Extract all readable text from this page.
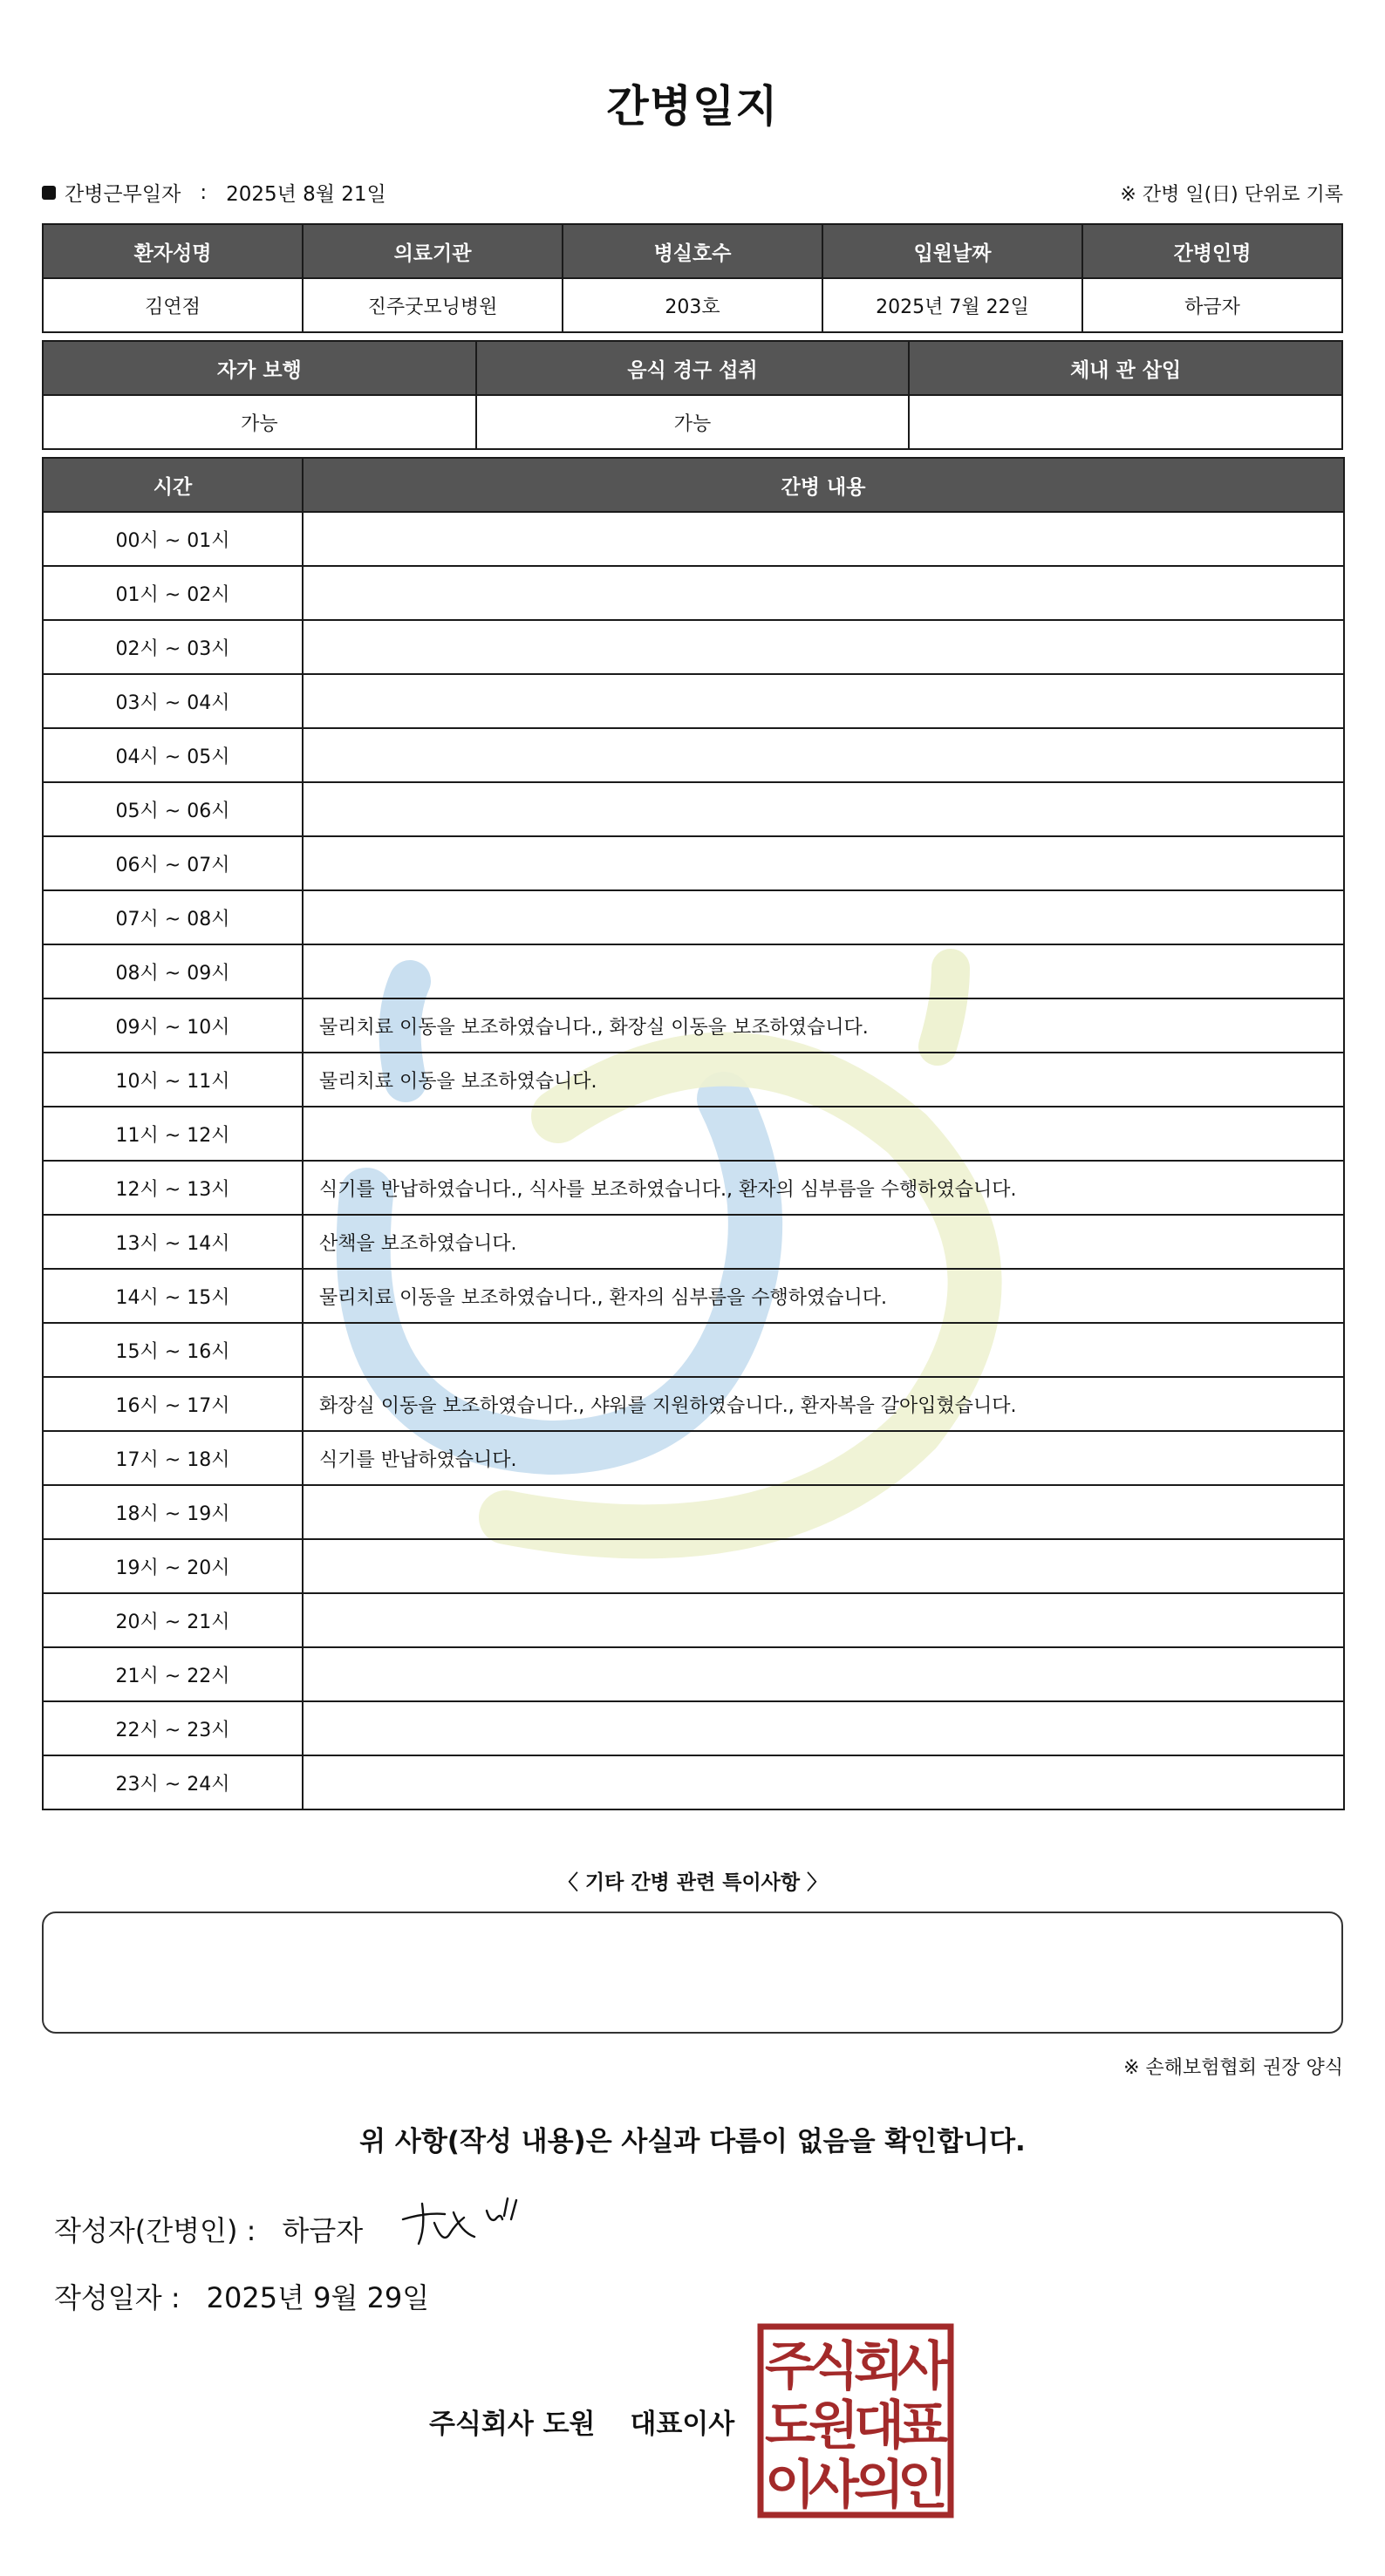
간병일지
간병근무일자 : 2025년 8월 21일	※ 간병 일(日) 단위로 기록
환자성명	의료기관	병실호수	입원날짜	간병인명
김연점	진주굿모닝병원	203호	2025년 7월 22일	하금자
자가 보행	음식 경구 섭취	체내 관 삽입
가능	가능	
시간	간병 내용
00시 ~ 01시	
01시 ~ 02시	
02시 ~ 03시	
03시 ~ 04시	
04시 ~ 05시	
05시 ~ 06시	
06시 ~ 07시	
07시 ~ 08시	
08시 ~ 09시	
09시 ~ 10시	물리치료 이동을 보조하였습니다., 화장실 이동을 보조하였습니다.
10시 ~ 11시	물리치료 이동을 보조하였습니다.
11시 ~ 12시	
12시 ~ 13시	식기를 반납하였습니다., 식사를 보조하였습니다., 환자의 심부름을 수행하였습니다.
13시 ~ 14시	산책을 보조하였습니다.
14시 ~ 15시	물리치료 이동을 보조하였습니다., 환자의 심부름을 수행하였습니다.
15시 ~ 16시	
16시 ~ 17시	화장실 이동을 보조하였습니다., 샤워를 지원하였습니다., 환자복을 갈아입혔습니다.
17시 ~ 18시	식기를 반납하였습니다.
18시 ~ 19시	
19시 ~ 20시	
20시 ~ 21시	
21시 ~ 22시	
22시 ~ 23시	
23시 ~ 24시	
〈 기타 간병 관련 특이사항 〉
※ 손해보험협회 권장 양식
위 사항(작성 내용)은 사실과 다름이 없음을 확인합니다.
작성자(간병인) : 하금자
작성일자 : 2025년 9월 29일
주식회사 도원 대표이사
주
식
회
사
도
원
대
표
이
사
의
인
